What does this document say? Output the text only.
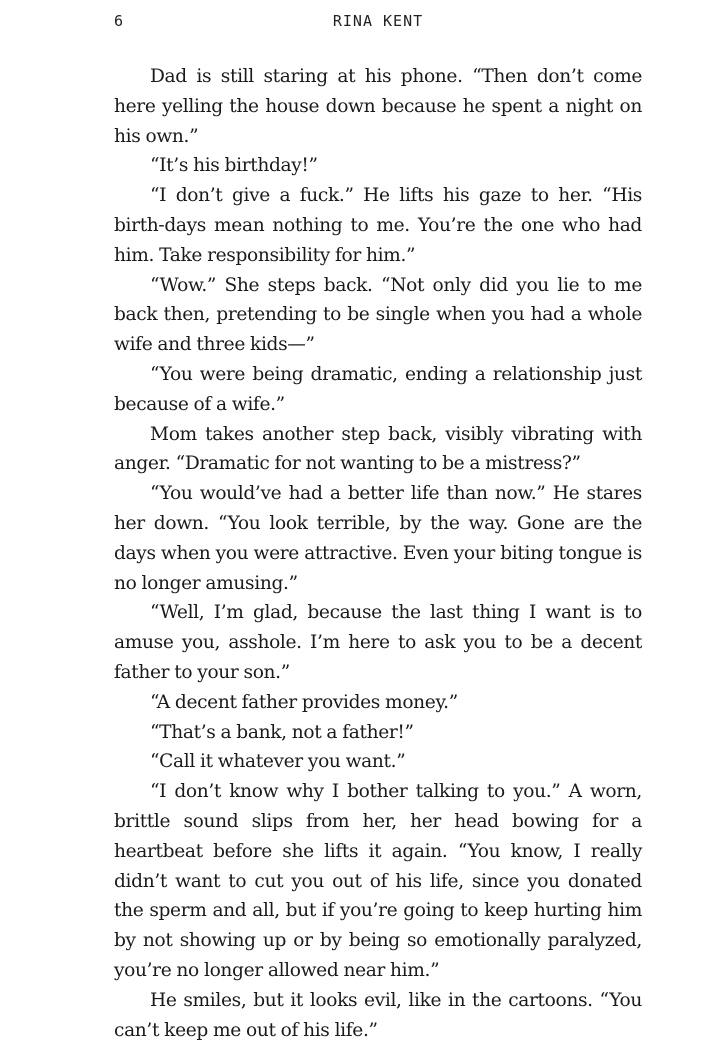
6	RINA KENT

Dad is still staring at his phone. “Then don’t come here yelling the house down because he spent a night on his own.”

“It’s his birthday!”

“I don’t give a fuck.” He lifts his gaze to her. “His birth-days mean nothing to me. You’re the one who had him. Take responsibility for him.”

“Wow.” She steps back. “Not only did you lie to me back then, pretending to be single when you had a whole wife and three kids—”

“You were being dramatic, ending a relationship just because of a wife.”

Mom takes another step back, visibly vibrating with anger. “Dramatic for not wanting to be a mistress?”

“You would’ve had a better life than now.” He stares her down. “You look terrible, by the way. Gone are the days when you were attractive. Even your biting tongue is no longer amusing.”

“Well, I’m glad, because the last thing I want is to amuse you, asshole. I’m here to ask you to be a decent father to your son.”

“A decent father provides money.”

“That’s a bank, not a father!”

“Call it whatever you want.”

“I don’t know why I bother talking to you.” A worn, brittle sound slips from her, her head bowing for a heartbeat before she lifts it again. “You know, I really didn’t want to cut you out of his life, since you donated the sperm and all, but if you’re going to keep hurting him by not showing up or by being so emotionally paralyzed, you’re no longer allowed near him.”

He smiles, but it looks evil, like in the cartoons. “You can’t keep me out of his life.”
